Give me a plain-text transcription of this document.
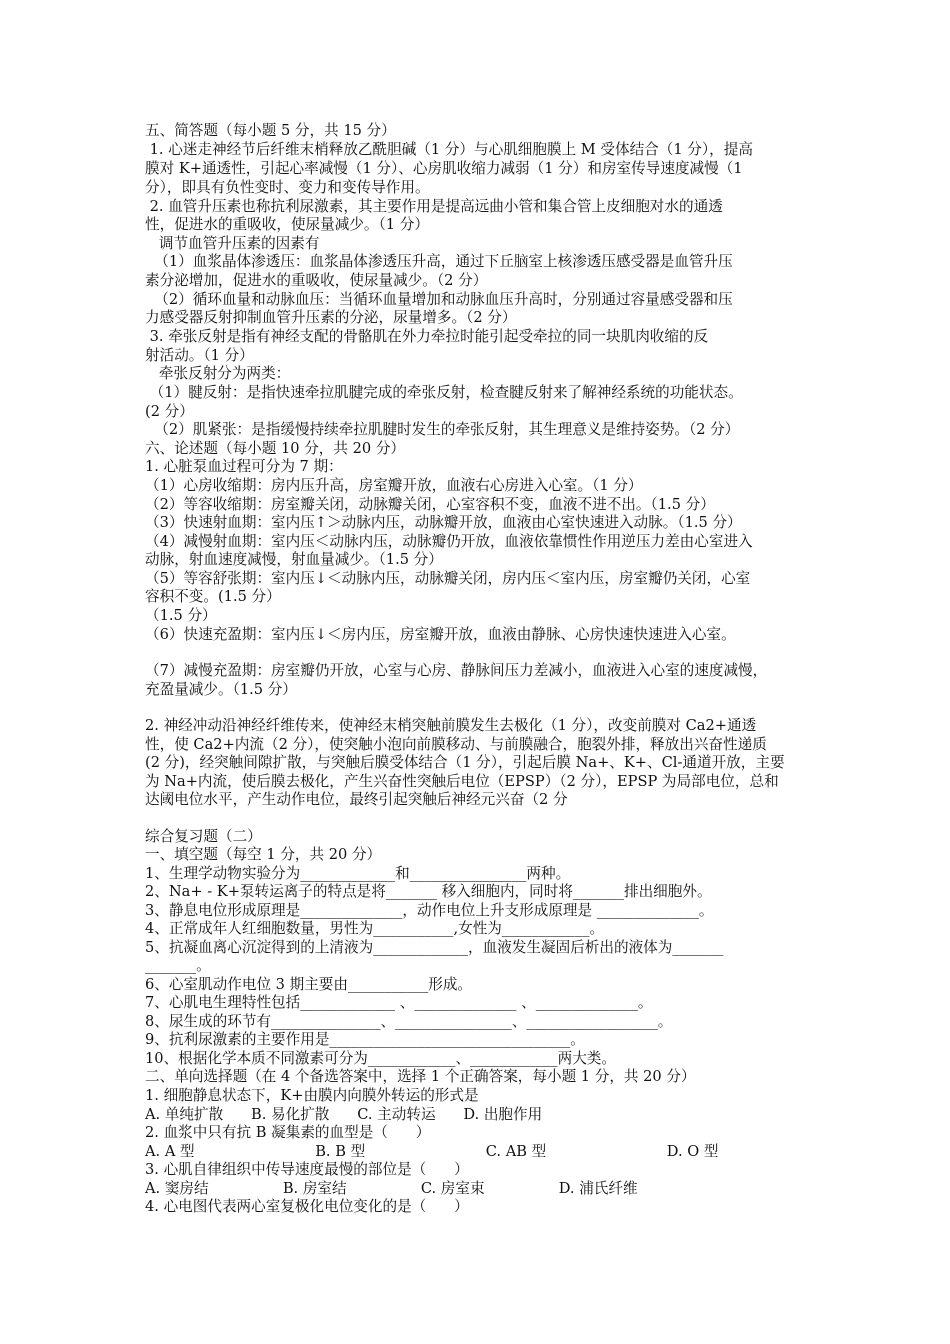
五、简答题（每小题 5 分，共 15 分）
1. 心迷走神经节后纤维末梢释放乙酰胆碱（1 分）与心肌细胞膜上 M 受体结合（1 分），提高
膜对 K+通透性，引起心率减慢（1 分）、心房肌收缩力减弱（1 分）和房室传导速度减慢（1
分），即具有负性变时、变力和变传导作用。
2. 血管升压素也称抗利尿激素，其主要作用是提高远曲小管和集合管上皮细胞对水的通透
性，促进水的重吸收，使尿量减少。（1 分）
调节血管升压素的因素有
（1）血浆晶体渗透压：血浆晶体渗透压升高，通过下丘脑室上核渗透压感受器是血管升压
素分泌增加，促进水的重吸收，使尿量减少。（2 分）
（2）循环血量和动脉血压：当循环血量增加和动脉血压升高时，分别通过容量感受器和压
力感受器反射抑制血管升压素的分泌，尿量增多。（2 分）
3. 牵张反射是指有神经支配的骨骼肌在外力牵拉时能引起受牵拉的同一块肌肉收缩的反
射活动。（1 分）
牵张反射分为两类：
（1）腱反射：是指快速牵拉肌腱完成的牵张反射，检查腱反射来了解神经系统的功能状态。
(2 分）
（2）肌紧张：是指缓慢持续牵拉肌腱时发生的牵张反射，其生理意义是维持姿势。（2 分）
六、论述题（每小题 10 分，共 20 分）
1. 心脏泵血过程可分为 7 期：
（1）心房收缩期：房内压升高，房室瓣开放，血液右心房进入心室。（1 分）
（2）等容收缩期：房室瓣关闭，动脉瓣关闭，心室容积不变，血液不进不出。（1.5 分）
（3）快速射血期：室内压↑＞动脉内压，动脉瓣开放，血液由心室快速进入动脉。（1.5 分）
（4）减慢射血期：室内压＜动脉内压，动脉瓣仍开放，血液依靠惯性作用逆压力差由心室进入
动脉，射血速度减慢，射血量减少。（1.5 分）
（5）等容舒张期：室内压↓＜动脉内压，动脉瓣关闭，房内压＜室内压，房室瓣仍关闭，心室
容积不变。(1.5 分）
（1.5 分）
（6）快速充盈期：室内压↓＜房内压，房室瓣开放，血液由静脉、心房快速快速进入心室。
（7）减慢充盈期：房室瓣仍开放，心室与心房、静脉间压力差减小，血液进入心室的速度减慢，
充盈量减少。（1.5 分）
2. 神经冲动沿神经纤维传来，使神经末梢突触前膜发生去极化（1 分），改变前膜对 Ca2+通透
性，使 Ca2+内流（2 分），使突触小泡向前膜移动、与前膜融合，胞裂外排，释放出兴奋性递质
(2 分)，经突触间隙扩散，与突触后膜受体结合（1 分），引起后膜 Na+、K+、Cl-通道开放，主要
为 Na+内流，使后膜去极化，产生兴奋性突触后电位（EPSP）（2 分），EPSP 为局部电位，总和
达阈电位水平，产生动作电位，最终引起突触后神经元兴奋（2 分
综合复习题（二）
一、填空题（每空 1 分，共 20 分）
1、生理学动物实验分为_____________和________________两种。
2、Na+ - K+泵转运离子的特点是将_______ 移入细胞内，同时将_______排出细胞外。
3、静息电位形成原理是______________，动作电位上升支形成原理是 ______________。
4、正常成年人红细胞数量，男性为___________,女性为____________。
5、抗凝血离心沉淀得到的上清液为_____________，血液发生凝固后析出的液体为_______
_______。
6、心室肌动作电位 3 期主要由___________形成。
7、心肌电生理特性包括_____________ 、______________ 、______________。
8、尿生成的环节有_______________、________________、__________________。
9、抗利尿激素的主要作用是_________________________________。
10、根据化学本质不同激素可分为____________、____________两大类。
二、单向选择题（在 4 个备选答案中，选择 1 个正确答案，每小题 1 分，共 20 分）
1. 细胞静息状态下，K+由膜内向膜外转运的形式是
A. 单纯扩散      B. 易化扩散      C. 主动转运      D. 出胞作用
2. 血浆中只有抗 B 凝集素的血型是（      ）
A. A 型                          B. B 型                          C. AB 型                          D. O 型
3. 心肌自律组织中传导速度最慢的部位是（      ）
A. 窦房结                B. 房室结                C. 房室束                D. 浦氏纤维
4. 心电图代表两心室复极化电位变化的是（      ）
